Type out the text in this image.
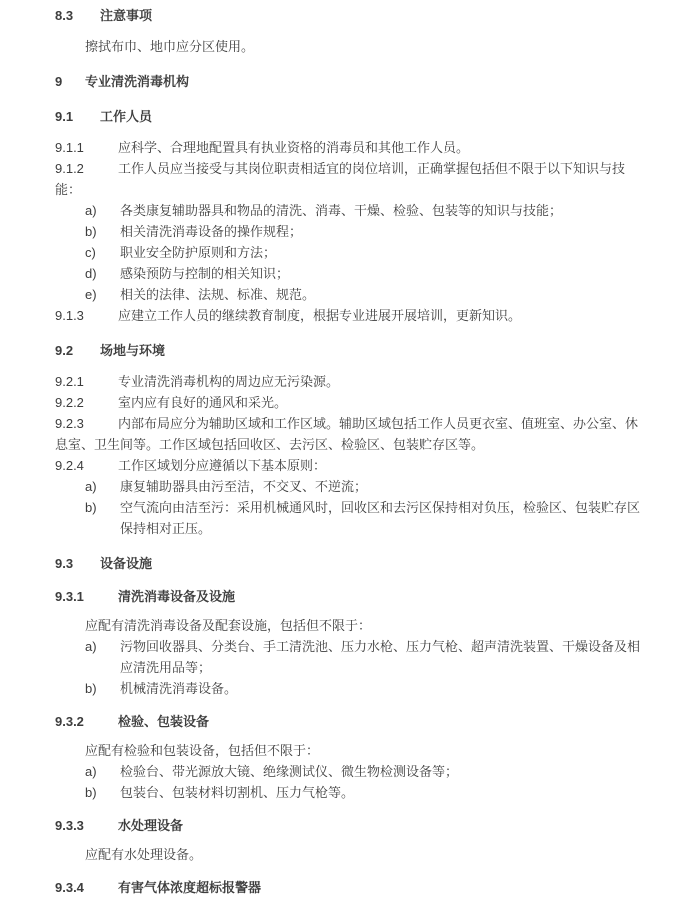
8.3 注意事项
擦拭布巾、地巾应分区使用。
9 专业清洗消毒机构
9.1 工作人员
9.1.1	应科学、合理地配置具有执业资格的消毒员和其他工作人员。
9.1.2	工作人员应当接受与其岗位职责相适宜的岗位培训，正确掌握包括但不限于以下知识与技能：
a)	各类康复辅助器具和物品的清洗、消毒、干燥、检验、包装等的知识与技能；
b)	相关清洗消毒设备的操作规程；
c)	职业安全防护原则和方法；
d)	感染预防与控制的相关知识；
e)	相关的法律、法规、标准、规范。
9.1.3	应建立工作人员的继续教育制度，根据专业进展开展培训，更新知识。
9.2 场地与环境
9.2.1	专业清洗消毒机构的周边应无污染源。
9.2.2	室内应有良好的通风和采光。
9.2.3	内部布局应分为辅助区域和工作区域。辅助区域包括工作人员更衣室、值班室、办公室、休息室、卫生间等。工作区域包括回收区、去污区、检验区、包装贮存区等。
9.2.4	工作区域划分应遵循以下基本原则：
a)	康复辅助器具由污至洁，不交叉、不逆流；
b)	空气流向由洁至污：采用机械通风时，回收区和去污区保持相对负压，检验区、包装贮存区保持相对正压。
9.3 设备设施
9.3.1	清洗消毒设备及设施
应配有清洗消毒设备及配套设施，包括但不限于：
a)	污物回收器具、分类台、手工清洗池、压力水枪、压力气枪、超声清洗装置、干燥设备及相应清洗用品等；
b)	机械清洗消毒设备。
9.3.2	检验、包装设备
应配有检验和包装设备，包括但不限于：
a)	检验台、带光源放大镜、绝缘测试仪、微生物检测设备等；
b)	包装台、包装材料切割机、压力气枪等。
9.3.3	水处理设备
应配有水处理设备。
9.3.4	有害气体浓度超标报警器
